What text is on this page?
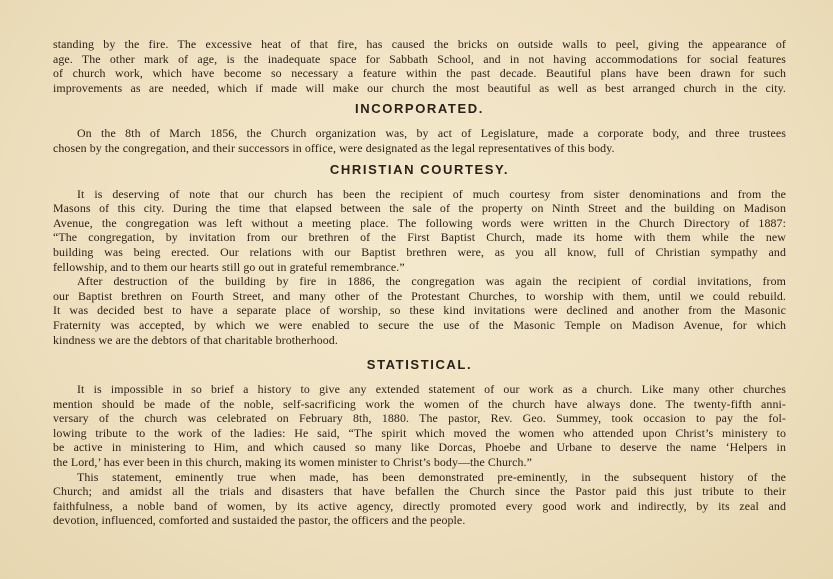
standing by the fire. The excessive heat of that fire, has caused the bricks on outside walls to peel, giving the appearance of
age. The other mark of age, is the inadequate space for Sabbath School, and in not having accommodations for social features
of church work, which have become so necessary a feature within the past decade. Beautiful plans have been drawn for such
improvements as are needed, which if made will make our church the most beautiful as well as best arranged church in the city.
INCORPORATED.
On the 8th of March 1856, the Church organization was, by act of Legislature, made a corporate body, and three trustees
chosen by the congregation, and their successors in office, were designated as the legal representatives of this body.
CHRISTIAN COURTESY.
It is deserving of note that our church has been the recipient of much courtesy from sister denominations and from the
Masons of this city. During the time that elapsed between the sale of the property on Ninth Street and the building on Madison
Avenue, the congregation was left without a meeting place. The following words were written in the Church Directory of 1887:
“The congregation, by invitation from our brethren of the First Baptist Church, made its home with them while the new
building was being erected. Our relations with our Baptist brethren were, as you all know, full of Christian sympathy and
fellowship, and to them our hearts still go out in grateful remembrance.”
After destruction of the building by fire in 1886, the congregation was again the recipient of cordial invitations, from
our Baptist brethren on Fourth Street, and many other of the Protestant Churches, to worship with them, until we could rebuild.
It was decided best to have a separate place of worship, so these kind invitations were declined and another from the Masonic
Fraternity was accepted, by which we were enabled to secure the use of the Masonic Temple on Madison Avenue, for which
kindness we are the debtors of that charitable brotherhood.
STATISTICAL.
It is impossible in so brief a history to give any extended statement of our work as a church. Like many other churches
mention should be made of the noble, self-sacrificing work the women of the church have always done. The twenty-fifth anni-
versary of the church was celebrated on February 8th, 1880. The pastor, Rev. Geo. Summey, took occasion to pay the fol-
lowing tribute to the work of the ladies: He said, “The spirit which moved the women who attended upon Christ’s ministery to
be active in ministering to Him, and which caused so many like Dorcas, Phoebe and Urbane to deserve the name ‘Helpers in
the Lord,’ has ever been in this church, making its women minister to Christ’s body—the Church.”
This statement, eminently true when made, has been demonstrated pre-eminently, in the subsequent history of the
Church; and amidst all the trials and disasters that have befallen the Church since the Pastor paid this just tribute to their
faithfulness, a noble band of women, by its active agency, directly promoted every good work and indirectly, by its zeal and
devotion, influenced, comforted and sustaided the pastor, the officers and the people.
